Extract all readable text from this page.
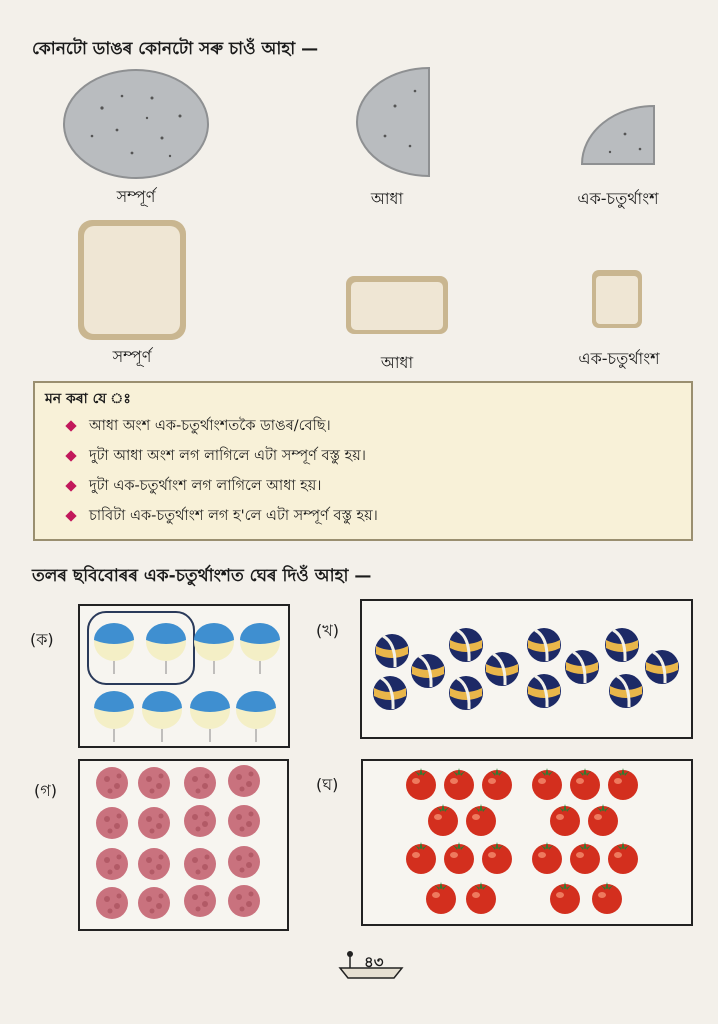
কোনটো ডাঙৰ কোনটো সৰু চাওঁ আহা —
সম্পূৰ্ণ	আধা	এক-চতুৰ্থাংশ
সম্পূৰ্ণ	আধা	এক-চতুৰ্থাংশ
মন কৰা যে ঃ
আধা অংশ এক-চতুৰ্থাংশতকৈ ডাঙৰ/বেছি।
দুটা আধা অংশ লগ লাগিলে এটা সম্পূৰ্ণ বস্তু হয়।
দুটা এক-চতুৰ্থাংশ লগ লাগিলে আধা হয়।
চাবিটা এক-চতুৰ্থাংশ লগ হ'লে এটা সম্পূৰ্ণ বস্তু হয়।
তলৰ ছবিবোৰৰ এক-চতুৰ্থাংশত ঘেৰ দিওঁ আহা —
(ক)	(খ)
(গ)	(ঘ)
৪৩
